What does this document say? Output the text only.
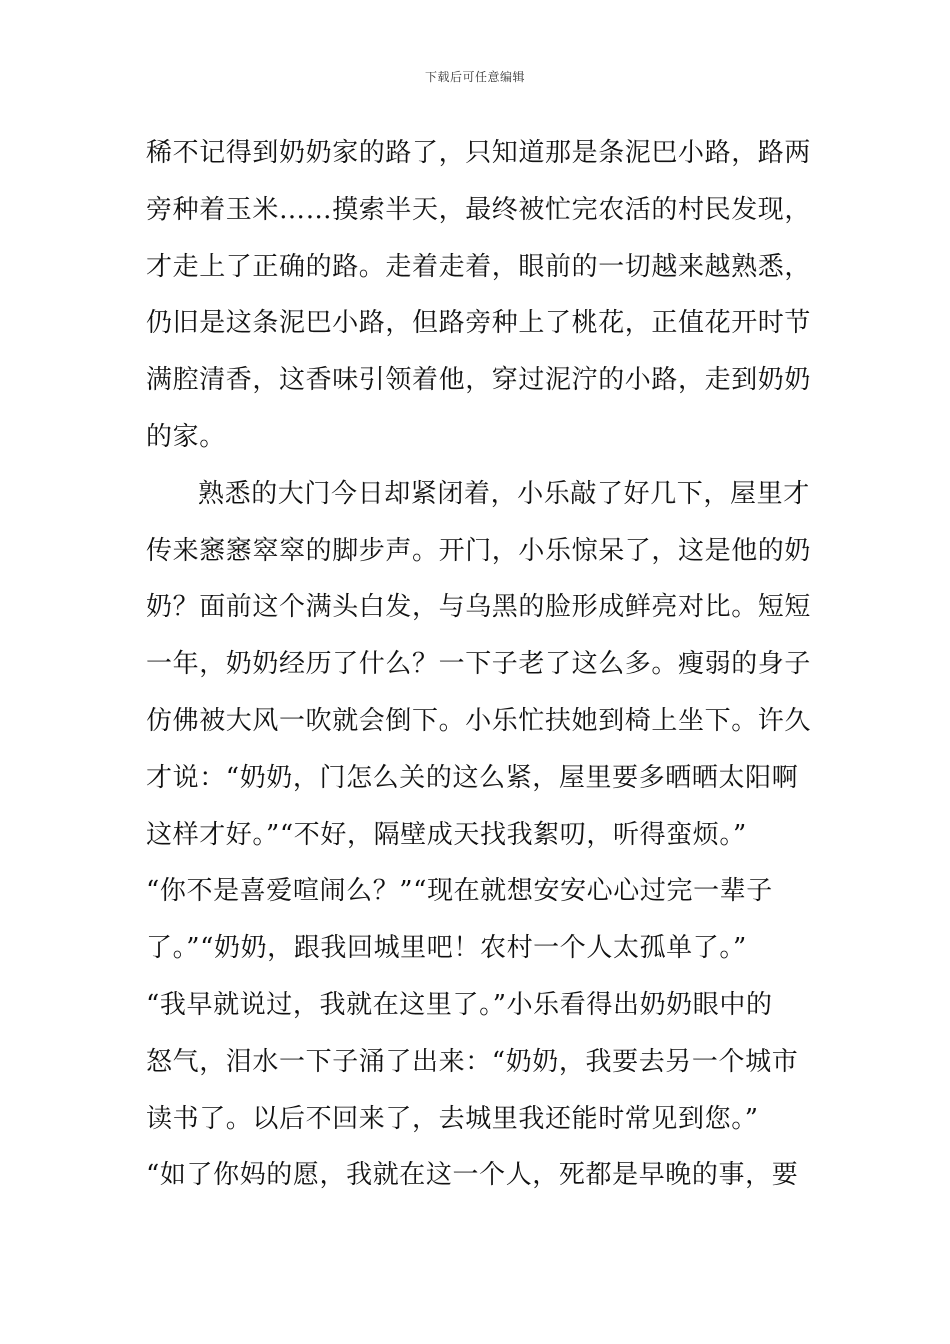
下载后可任意编辑
稀不记得到奶奶家的路了，只知道那是条泥巴小路，路两
旁种着玉米……摸索半天，最终被忙完农活的村民发现，
才走上了正确的路。走着走着，眼前的一切越来越熟悉，
仍旧是这条泥巴小路，但路旁种上了桃花，正值花开时节
满腔清香，这香味引领着他，穿过泥泞的小路，走到奶奶
的家。
熟悉的大门今日却紧闭着，小乐敲了好几下，屋里才
传来窸窸窣窣的脚步声。开门，小乐惊呆了，这是他的奶
奶？面前这个满头白发，与乌黑的脸形成鲜亮对比。短短
一年，奶奶经历了什么？一下子老了这么多。瘦弱的身子
仿佛被大风一吹就会倒下。小乐忙扶她到椅上坐下。许久
才说：“奶奶，门怎么关的这么紧，屋里要多晒晒太阳啊
这样才好。”“不好，隔壁成天找我絮叨，听得蛮烦。”
“你不是喜爱喧闹么？”“现在就想安安心心过完一辈子
了。”“奶奶，跟我回城里吧！农村一个人太孤单了。”
“我早就说过，我就在这里了。”小乐看得出奶奶眼中的
怒气，泪水一下子涌了出来：“奶奶，我要去另一个城市
读书了。以后不回来了，去城里我还能时常见到您。”
“如了你妈的愿，我就在这一个人，死都是早晚的事，要
